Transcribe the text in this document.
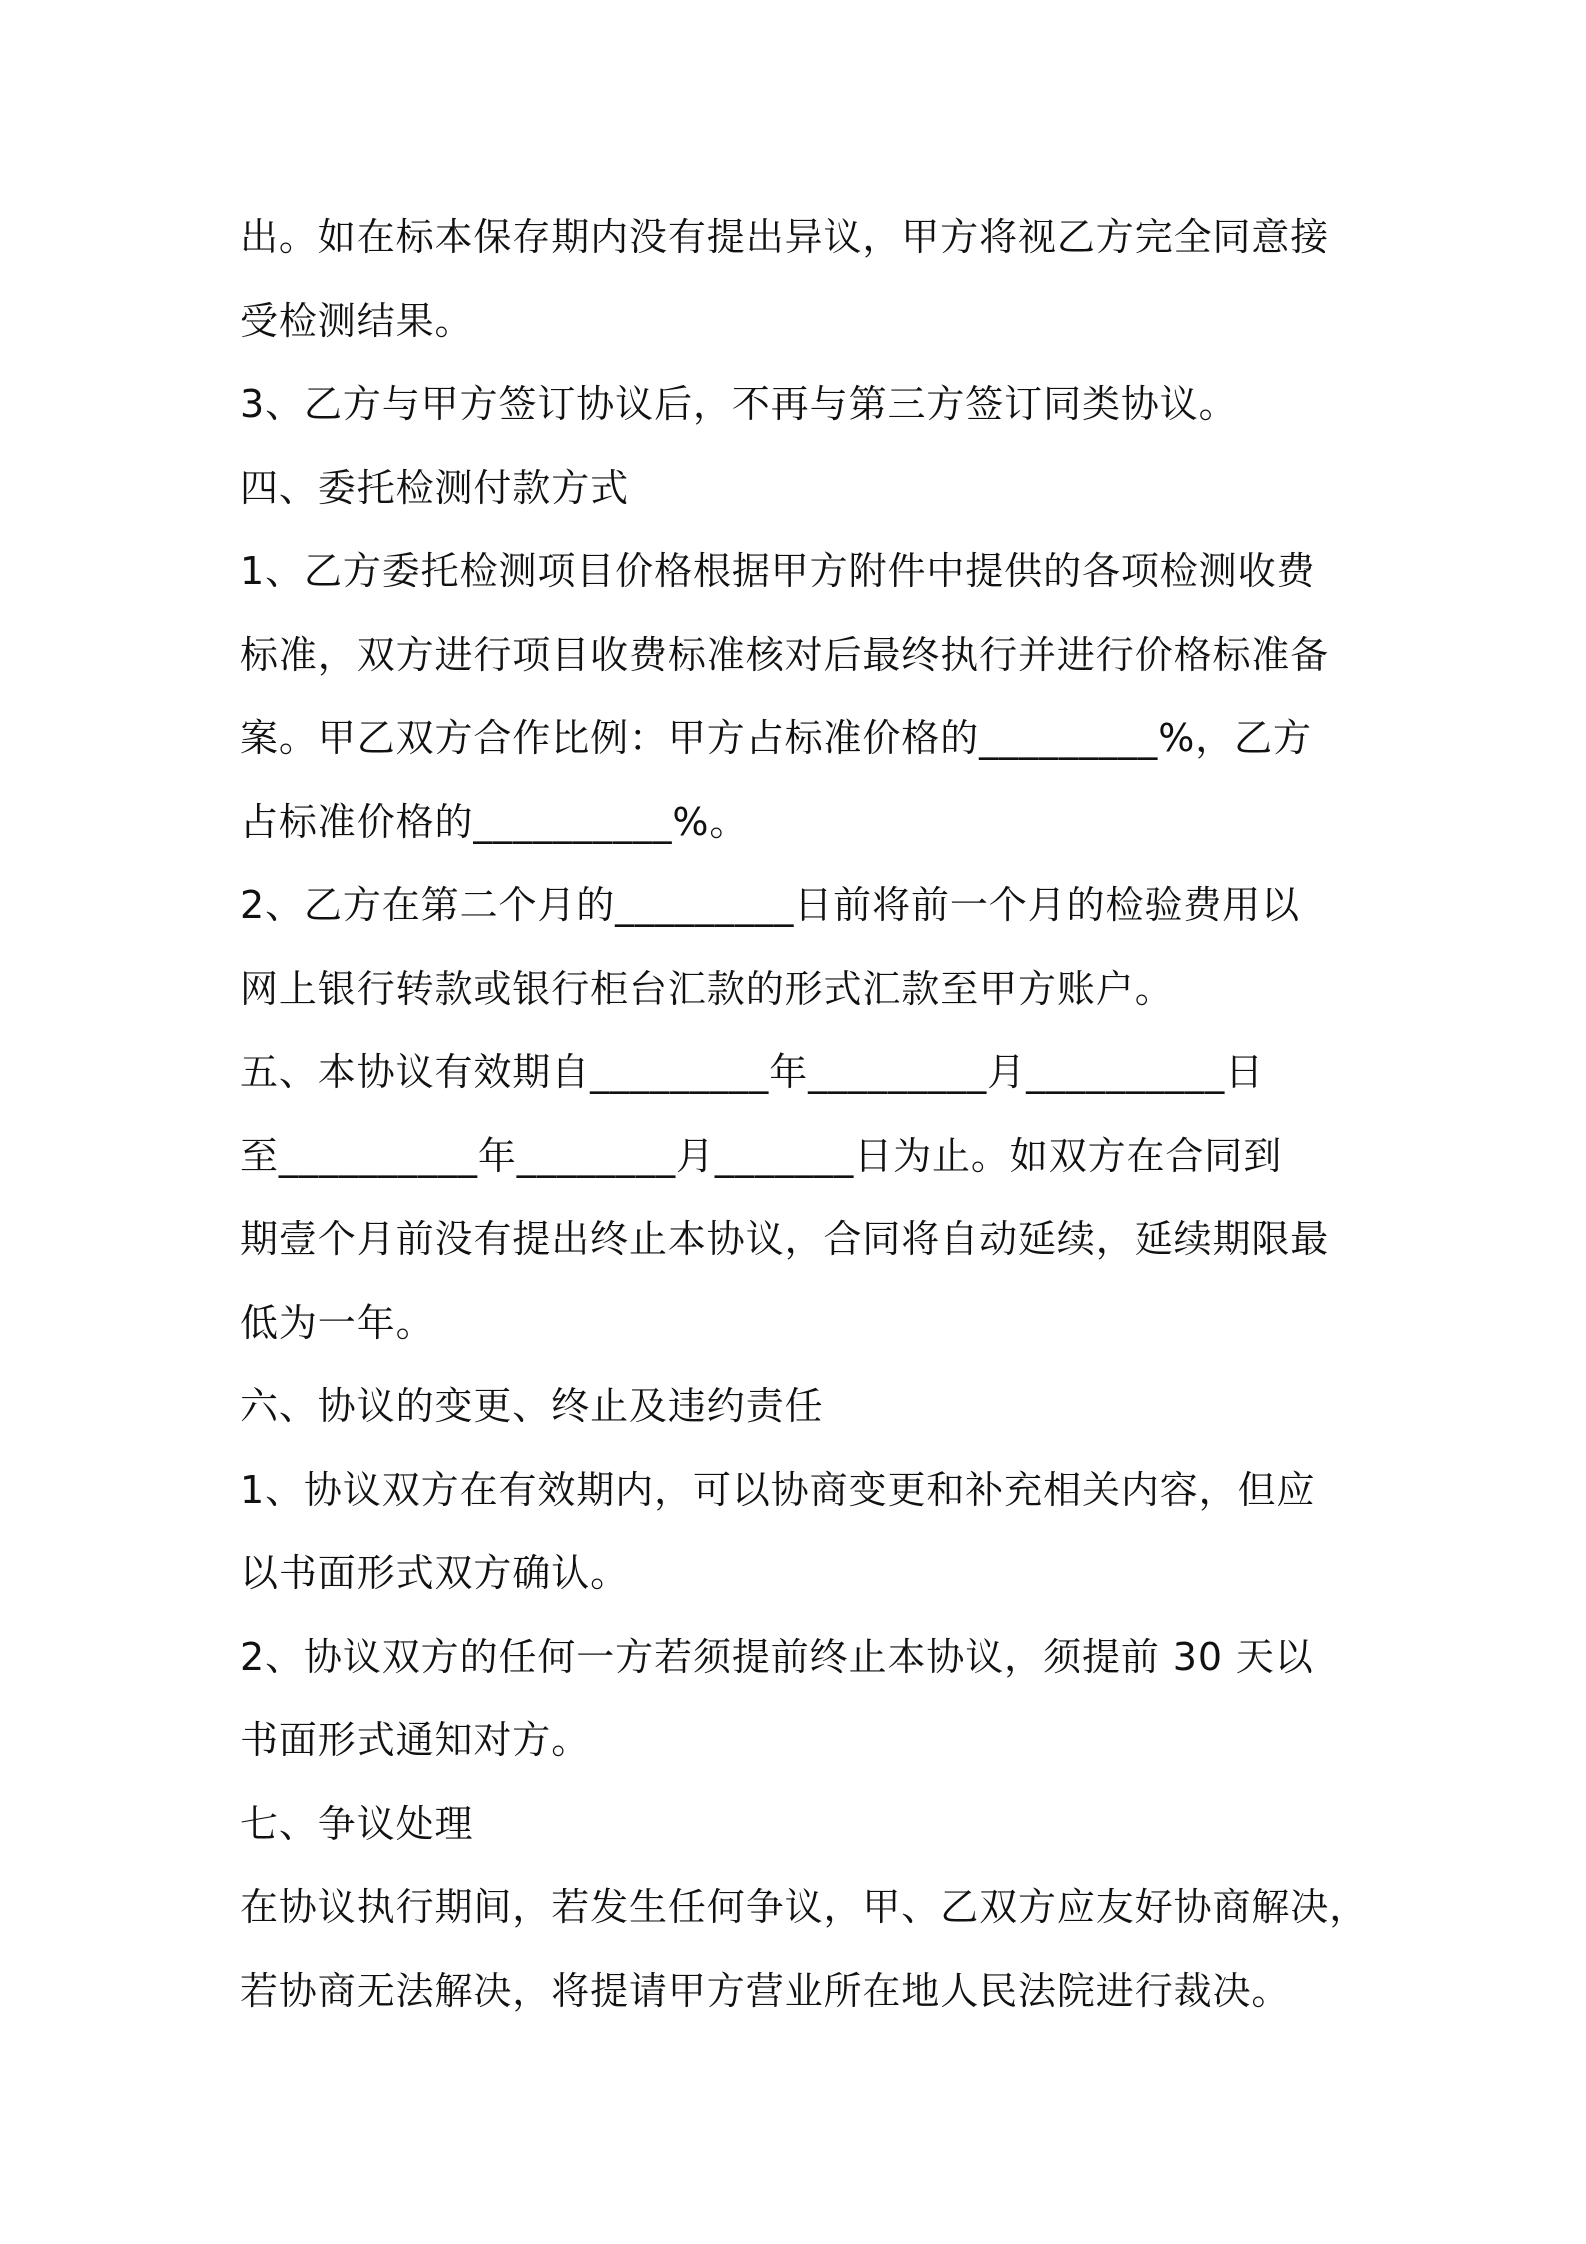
出。如在标本保存期内没有提出异议，甲方将视乙方完全同意接
受检测结果。
3、乙方与甲方签订协议后，不再与第三方签订同类协议。
四、委托检测付款方式
1、乙方委托检测项目价格根据甲方附件中提供的各项检测收费
标准，双方进行项目收费标准核对后最终执行并进行价格标准备
案。甲乙双方合作比例：甲方占标准价格的_________%，乙方
占标准价格的__________%。
2、乙方在第二个月的_________日前将前一个月的检验费用以
网上银行转款或银行柜台汇款的形式汇款至甲方账户。
五、本协议有效期自_________年_________月__________日
至__________年________月_______日为止。如双方在合同到
期壹个月前没有提出终止本协议，合同将自动延续，延续期限最
低为一年。
六、协议的变更、终止及违约责任
1、协议双方在有效期内，可以协商变更和补充相关内容，但应
以书面形式双方确认。
2、协议双方的任何一方若须提前终止本协议，须提前 30 天以
书面形式通知对方。
七、争议处理
在协议执行期间，若发生任何争议，甲、乙双方应友好协商解决，
若协商无法解决，将提请甲方营业所在地人民法院进行裁决。
